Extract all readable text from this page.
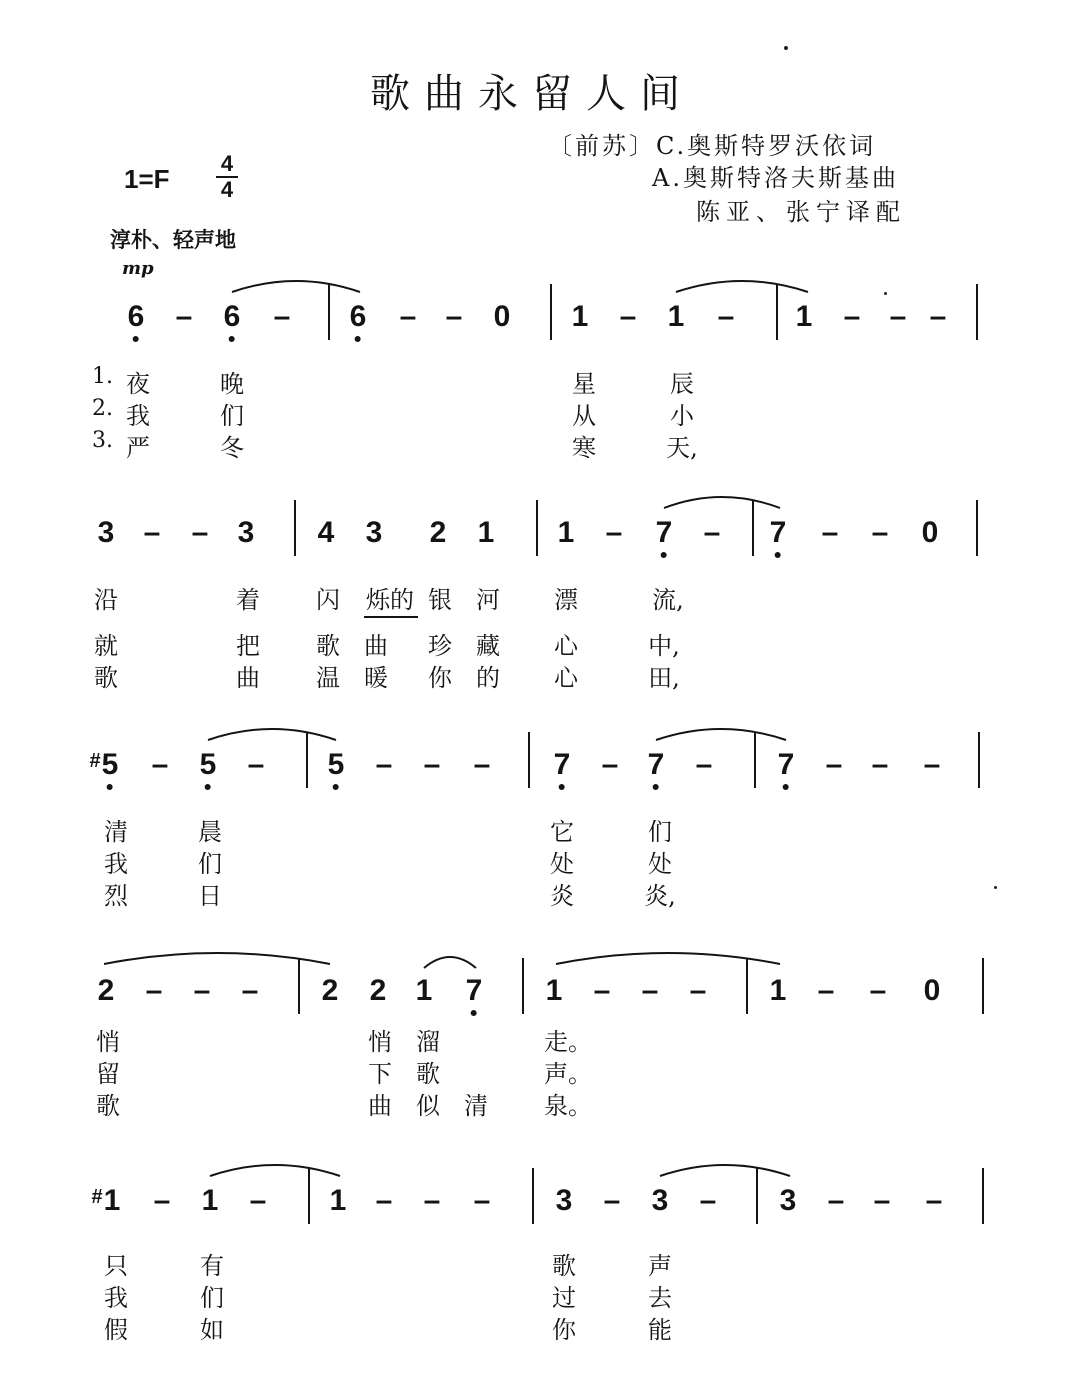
歌曲永留人间
〔前苏〕C.奥斯特罗沃依词
A.奥斯特洛夫斯基曲
陈亚、张宁译配
1=F
4
4
淳朴、轻声地
mp
1.
2.
3.
6 – 6 – 6 – – 0 1 – 1 – 1 – – –
夜	晚	星	辰
我	们	从	小
严	冬	寒	天,
3 – – 3 4 3 2 1 1 – 7 – 7 – – 0
沿	着 闪 烁的 银 河 漂	流,
就	把 歌 曲 珍 藏 心	中,
歌	曲 温 暖 你 的 心	田,
# 5 – 5 – 5 – – – 7 – 7 – 7 – – –
清	晨	它	们
我	们	处	处
烈	日	炎	炎,
2 – – – 2 2 1 7 1 – – – 1 – – 0
悄	悄 溜	走。
留	下 歌	声。
歌	曲 似 清 泉。
# 1 – 1 – 1 – – – 3 – 3 – 3 – – –
只	有	歌	声
我	们	过	去
假	如	你	能
